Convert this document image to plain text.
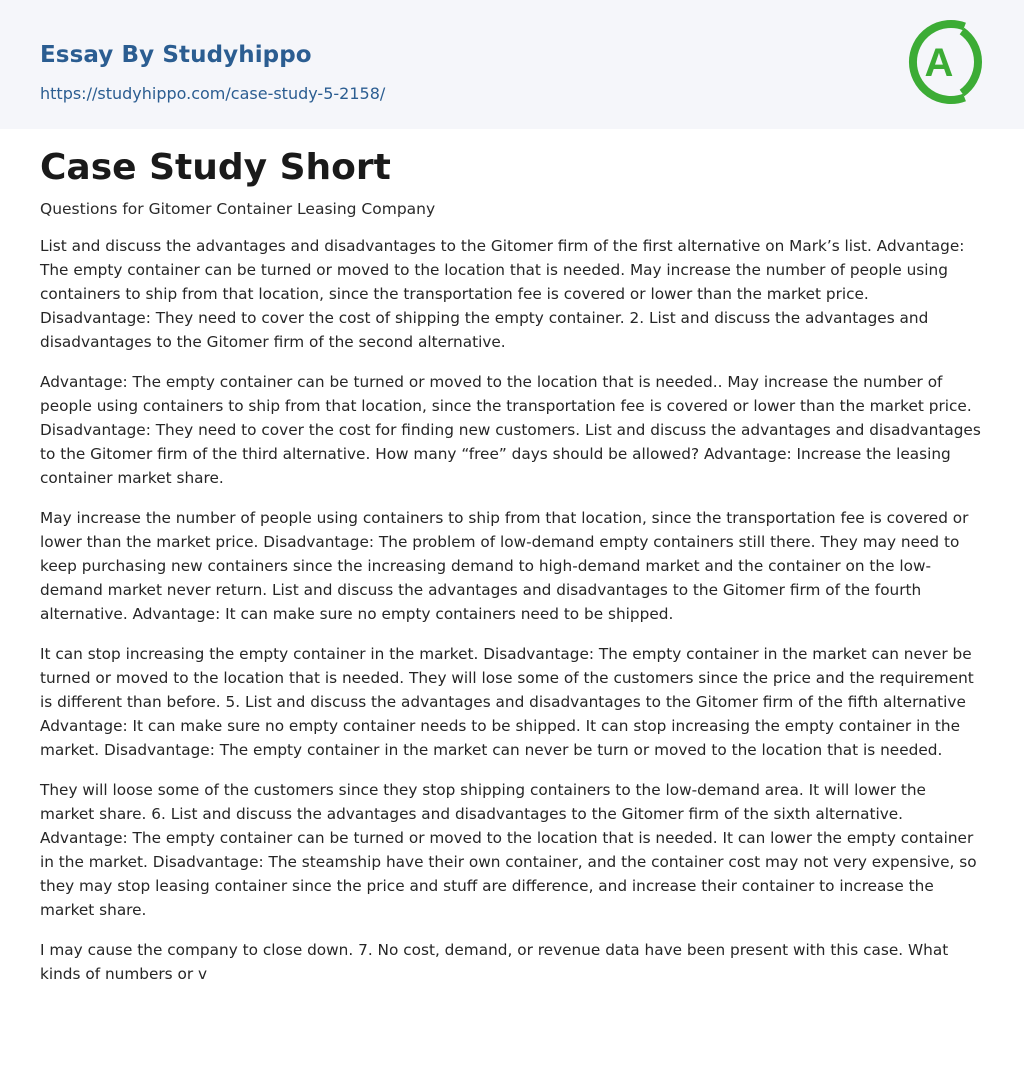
Essay By Studyhippo
https://studyhippo.com/case-study-5-2158/
A
Case Study Short

Questions for Gitomer Container Leasing Company

List and discuss the advantages and disadvantages to the Gitomer firm of the first alternative on Mark’s list. Advantage: The empty container can be turned or moved to the location that is needed. May increase the number of people using containers to ship from that location, since the transportation fee is covered or lower than the market price. Disadvantage: They need to cover the cost of shipping the empty container. 2. List and discuss the advantages and disadvantages to the Gitomer firm of the second alternative.

Advantage: The empty container can be turned or moved to the location that is needed.. May increase the number of people using containers to ship from that location, since the transportation fee is covered or lower than the market price. Disadvantage: They need to cover the cost for finding new customers. List and discuss the advantages and disadvantages to the Gitomer firm of the third alternative. How many “free” days should be allowed? Advantage: Increase the leasing container market share.

May increase the number of people using containers to ship from that location, since the transportation fee is covered or lower than the market price. Disadvantage: The problem of low-demand empty containers still there. They may need to keep purchasing new containers since the increasing demand to high-demand market and the container on the low-demand market never return. List and discuss the advantages and disadvantages to the Gitomer firm of the fourth alternative. Advantage: It can make sure no empty containers need to be shipped.

It can stop increasing the empty container in the market. Disadvantage: The empty container in the market can never be turned or moved to the location that is needed. They will lose some of the customers since the price and the requirement is different than before. 5. List and discuss the advantages and disadvantages to the Gitomer firm of the fifth alternative Advantage: It can make sure no empty container needs to be shipped. It can stop increasing the empty container in the market. Disadvantage: The empty container in the market can never be turn or moved to the location that is needed.

They will loose some of the customers since they stop shipping containers to the low-demand area. It will lower the market share. 6. List and discuss the advantages and disadvantages to the Gitomer firm of the sixth alternative. Advantage: The empty container can be turned or moved to the location that is needed. It can lower the empty container in the market. Disadvantage: The steamship have their own container, and the container cost may not very expensive, so they may stop leasing container since the price and stuff are difference, and increase their container to increase the market share.

I may cause the company to close down. 7. No cost, demand, or revenue data have been present with this case. What kinds of numbers or v
